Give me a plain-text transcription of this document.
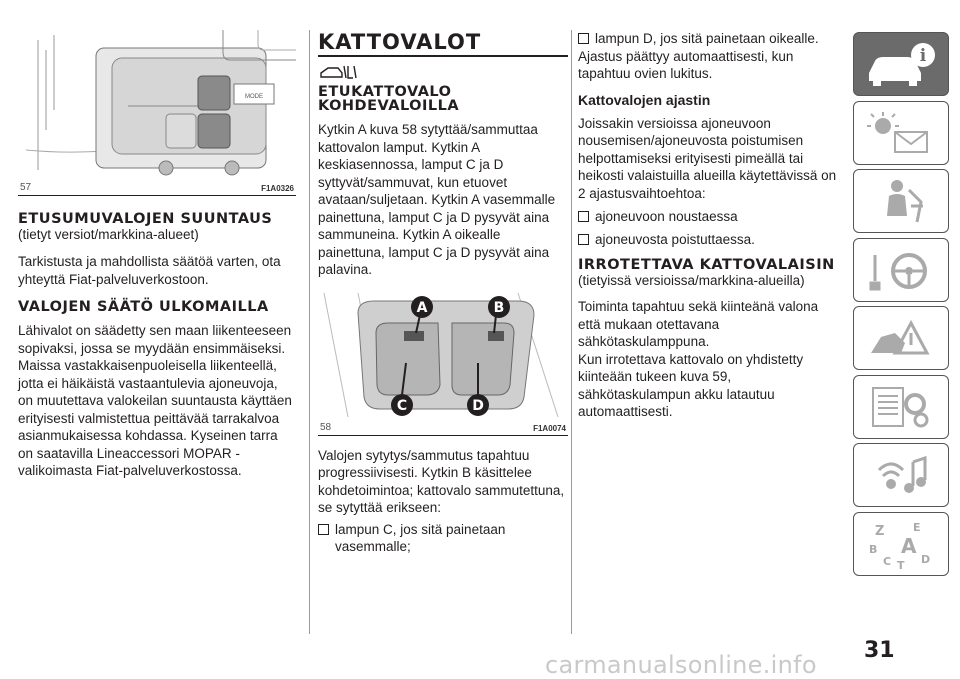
MODE
57	F1A0326
ETUSUMUVALOJEN SUUNTAUS

(tietyt versiot/markkina-alueet)

Tarkistusta ja mahdollista säätöä varten, ota yhteyttä Fiat-palveluverkostoon.

VALOJEN SÄÄTÖ ULKOMAILLA

Lähivalot on säädetty sen maan liikenteeseen sopivaksi, jossa se myydään ensimmäiseksi. Maissa vastakkaisenpuoleisella liikenteellä, jotta ei häikäistä vastaantulevia ajoneuvoja, on muutettava valokeilan suuntausta käyttäen erityisesti valmistettua peittävää tarrakalvoa asianmukaisessa kohdassa. Kyseinen tarra on saatavilla Lineaccessori MOPAR -valikoimasta Fiat-palveluverkostossa.

KATTOVALOT
ETUKATTOVALO KOHDEVALOILLA

Kytkin A kuva 58 sytyttää/sammuttaa kattovalon lamput. Kytkin A keskiasennossa, lamput C ja D syttyvät/sammuvat, kun etuovet avataan/suljetaan. Kytkin A vasemmalle painettuna, lamput C ja D pysyvät aina sammuneina. Kytkin A oikealle painettuna, lamput C ja D pysyvät aina palavina.

A	B
C	D
58	F1A0074

Valojen sytytys/sammutus tapahtuu progressiivisesti. Kytkin B käsittelee kohdetoimintoa; kattovalo sammutettuna, se sytyttää erikseen:

lampun C, jos sitä painetaan vasemmalle;
lampun D, jos sitä painetaan oikealle.

Ajastus päättyy automaattisesti, kun tapahtuu ovien lukitus.

Kattovalojen ajastin

Joissakin versioissa ajoneuvoon nousemisen/ajoneuvosta poistumisen helpottamiseksi erityisesti pimeällä tai heikosti valaistuilla alueilla käytettävissä on 2 ajastusvaihtoehtoa:

ajoneuvoon noustaessa
ajoneuvosta poistuttaessa.
IRROTETTAVA KATTOVALAISIN

(tietyissä versioissa/markkina-alueilla)

Toiminta tapahtuu sekä kiinteänä valona että mukaan otettavana sähkötaskulamppuna.

Kun irrotettava kattovalo on yhdistetty kiinteään tukeen kuva 59, sähkötaskulampun akku latautuu automaattisesti.

i
Z	E
B A
C	D
T
31
carmanualsonline.info
